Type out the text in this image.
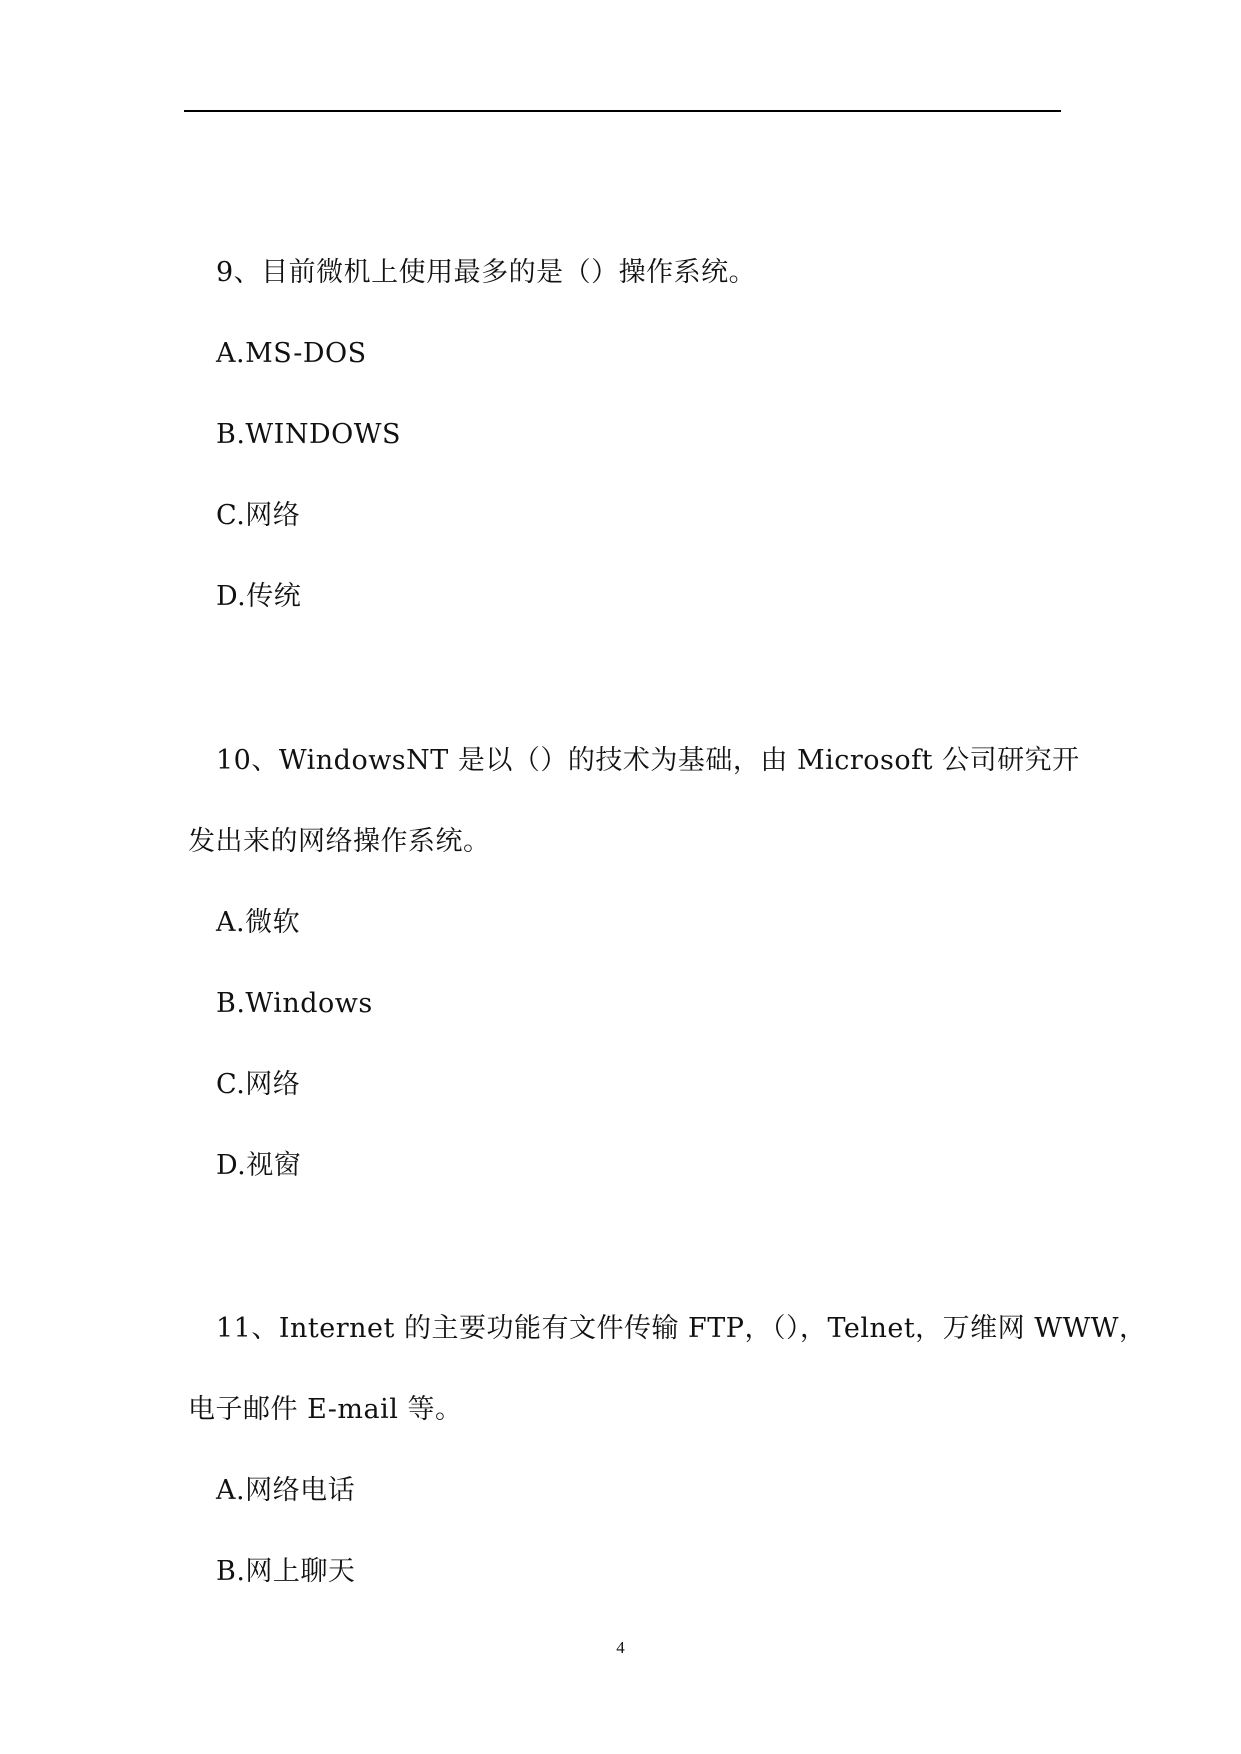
9、目前微机上使用最多的是（）操作系统。
A.MS-DOS
B.WINDOWS
C.网络
D.传统
10、WindowsNT 是以（）的技术为基础，由 Microsoft 公司研究开
发出来的网络操作系统。
A.微软
B.Windows
C.网络
D.视窗
11、Internet 的主要功能有文件传输 FTP，（），Telnet，万维网 WWW，
电子邮件 E-mail 等。
A.网络电话
B.网上聊天
4
